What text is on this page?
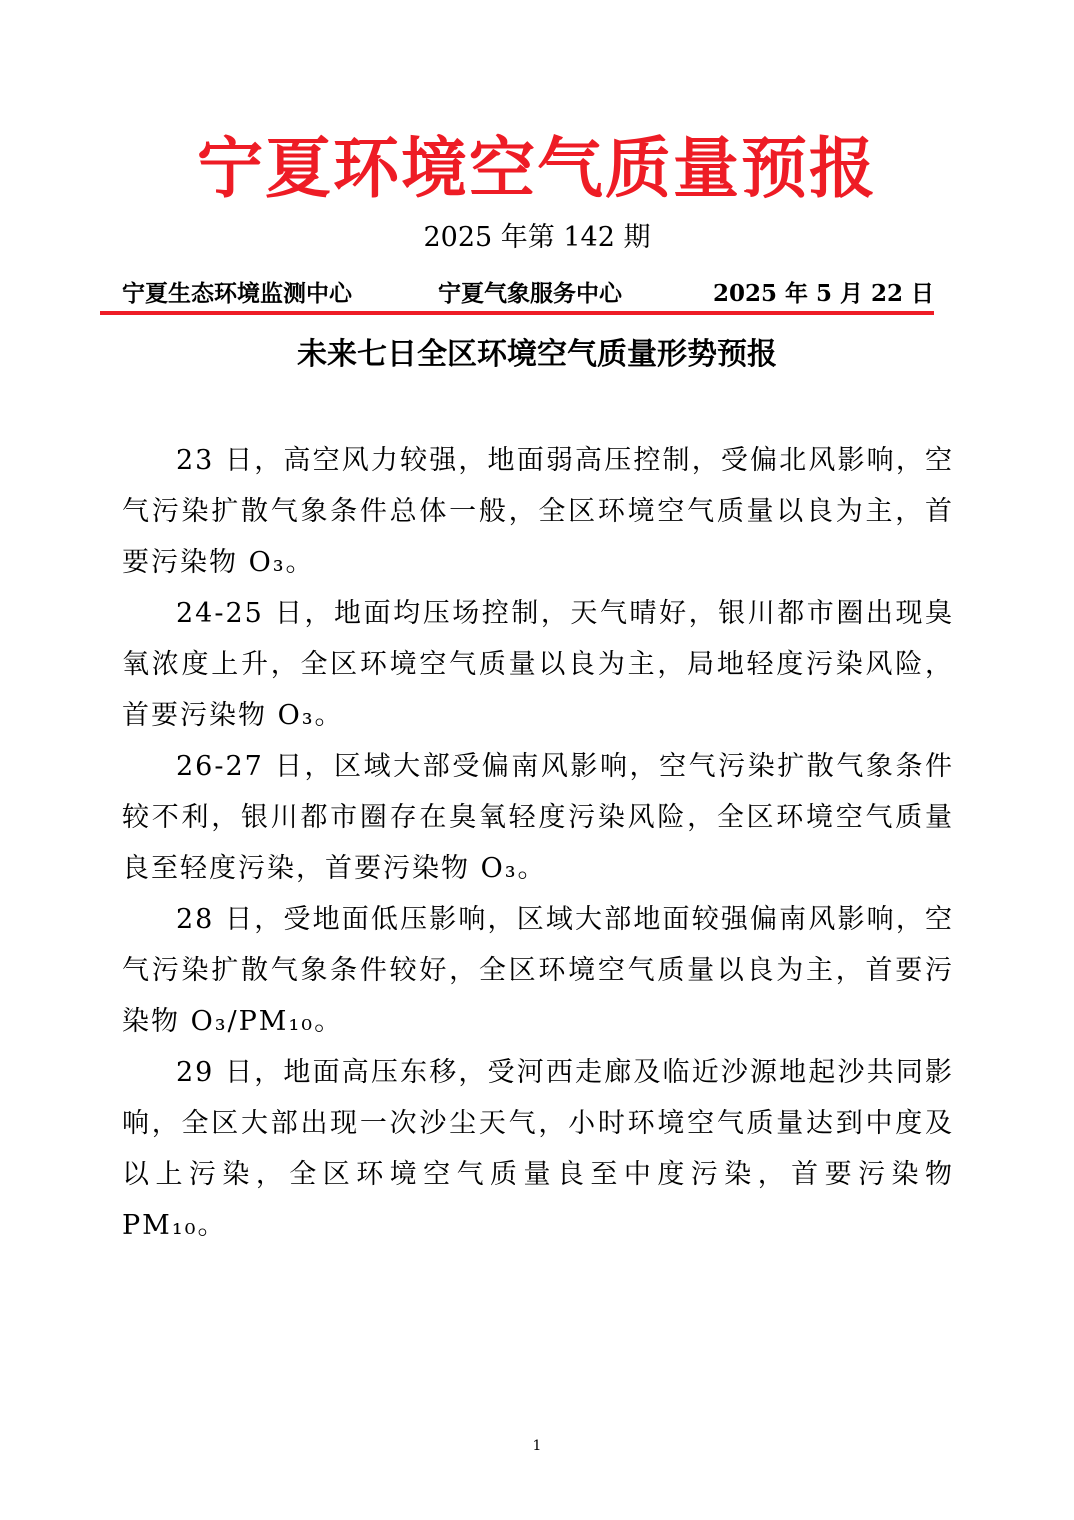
宁夏环境空气质量预报
2025 年第 142 期
宁夏生态环境监测中心	宁夏气象服务中心	2025 年 5 月 22 日
未来七日全区环境空气质量形势预报

23 日，高空风力较强，地面弱高压控制，受偏北风影响，空气污染扩散气象条件总体一般，全区环境空气质量以良为主，首要污染物 O₃。

24-25 日，地面均压场控制，天气晴好，银川都市圈出现臭氧浓度上升，全区环境空气质量以良为主，局地轻度污染风险，首要污染物 O₃。

26-27 日，区域大部受偏南风影响，空气污染扩散气象条件较不利，银川都市圈存在臭氧轻度污染风险，全区环境空气质量良至轻度污染，首要污染物 O₃。

28 日，受地面低压影响，区域大部地面较强偏南风影响，空气污染扩散气象条件较好，全区环境空气质量以良为主，首要污染物 O₃/PM₁₀。

29 日，地面高压东移，受河西走廊及临近沙源地起沙共同影响，全区大部出现一次沙尘天气，小时环境空气质量达到中度及以上污染，全区环境空气质量良至中度污染，首要污染物 PM₁₀。

1
